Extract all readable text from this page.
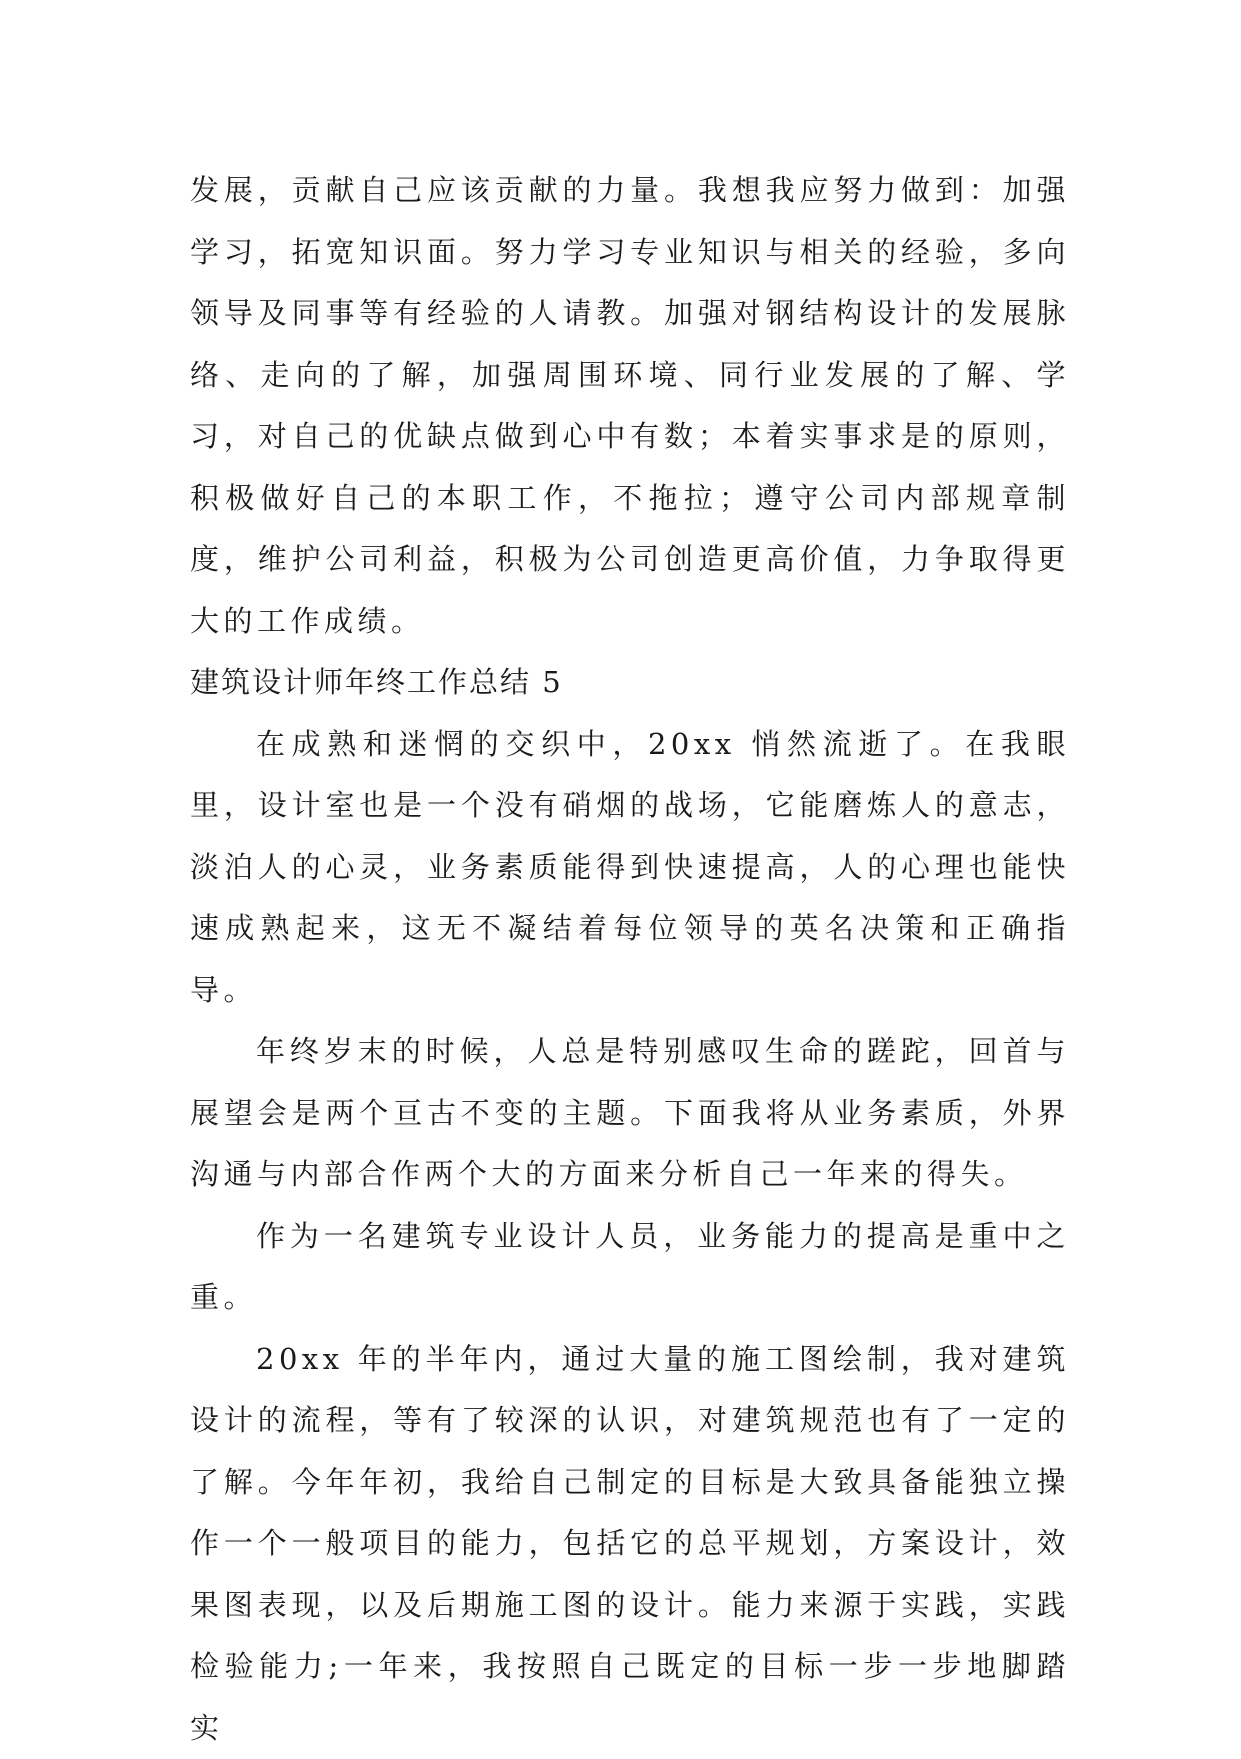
发展，贡献自己应该贡献的力量。我想我应努力做到：加强学习，拓宽知识面。努力学习专业知识与相关的经验，多向领导及同事等有经验的人请教。加强对钢结构设计的发展脉络、走向的了解，加强周围环境、同行业发展的了解、学习，对自己的优缺点做到心中有数；本着实事求是的原则，积极做好自己的本职工作，不拖拉；遵守公司内部规章制度，维护公司利益，积极为公司创造更高价值，力争取得更大的工作成绩。

建筑设计师年终工作总结 5

在成熟和迷惘的交织中，20xx 悄然流逝了。在我眼里，设计室也是一个没有硝烟的战场，它能磨炼人的意志，淡泊人的心灵，业务素质能得到快速提高，人的心理也能快速成熟起来，这无不凝结着每位领导的英名决策和正确指导。

年终岁末的时候，人总是特别感叹生命的蹉跎，回首与展望会是两个亘古不变的主题。下面我将从业务素质，外界沟通与内部合作两个大的方面来分析自己一年来的得失。

作为一名建筑专业设计人员，业务能力的提高是重中之重。

20xx 年的半年内，通过大量的施工图绘制，我对建筑设计的流程，等有了较深的认识，对建筑规范也有了一定的了解。今年年初，我给自己制定的目标是大致具备能独立操作一个一般项目的能力，包括它的总平规划，方案设计，效果图表现，以及后期施工图的设计。能力来源于实践，实践检验能力;一年来，我按照自己既定的目标一步一步地脚踏实
